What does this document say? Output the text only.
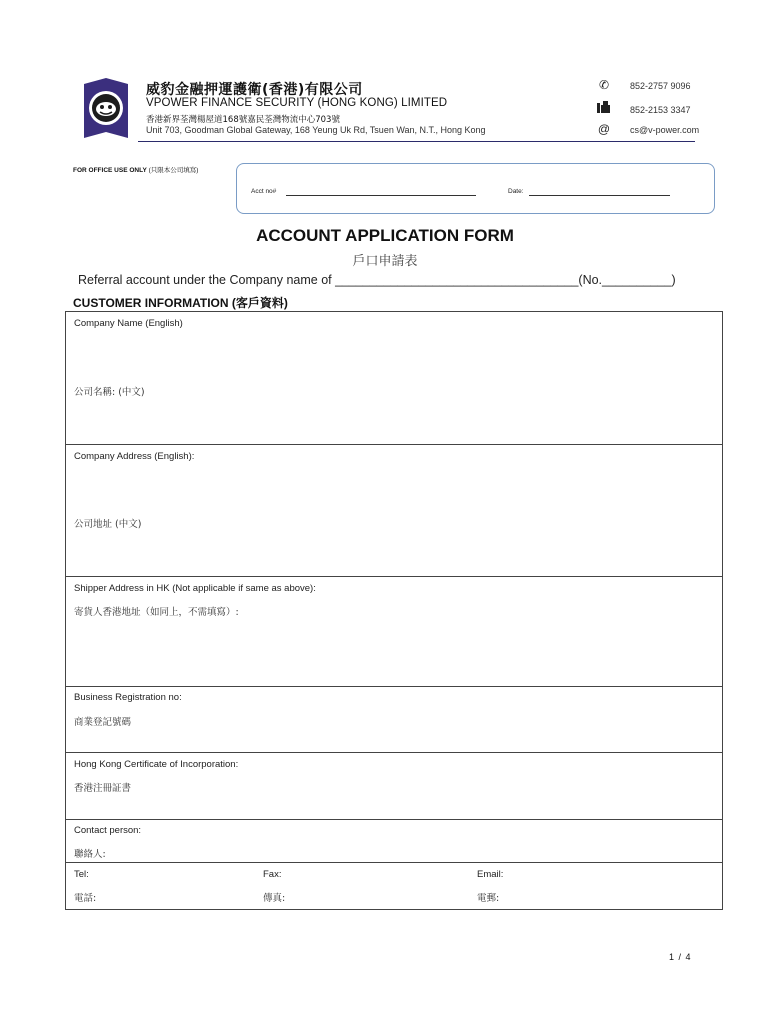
威豹金融押運護衛(香港)有限公司
VPOWER FINANCE SECURITY (HONG KONG) LIMITED
香港新界荃灣楊屋道168號嘉民荃灣物流中心703號
Unit 703, Goodman Global Gateway, 168 Yeung Uk Rd, Tsuen Wan, N.T., Hong Kong
✆ 852-2757 9096
852-2153 3347
@ cs@v-power.com
FOR OFFICE USE ONLY (只限本公司填寫)
Acct no#	Date:
ACCOUNT APPLICATION FORM
戶口申請表
Referral account under the Company name of ___________________________________(No.__________)
CUSTOMER INFORMATION (客戶資料)
Company Name (English)
公司名稱: (中文)
Company Address (English):
公司地址 (中文)
Shipper Address in HK (Not applicable if same as above):
寄貨人香港地址（如同上，不需填寫）:
Business Registration no:
商業登記號碼
Hong Kong Certificate of Incorporation:
香港注冊証書
Contact person:
聯絡人:
Tel:
電話:
Fax:
傳真:
Email:
電郵:
1 / 4
